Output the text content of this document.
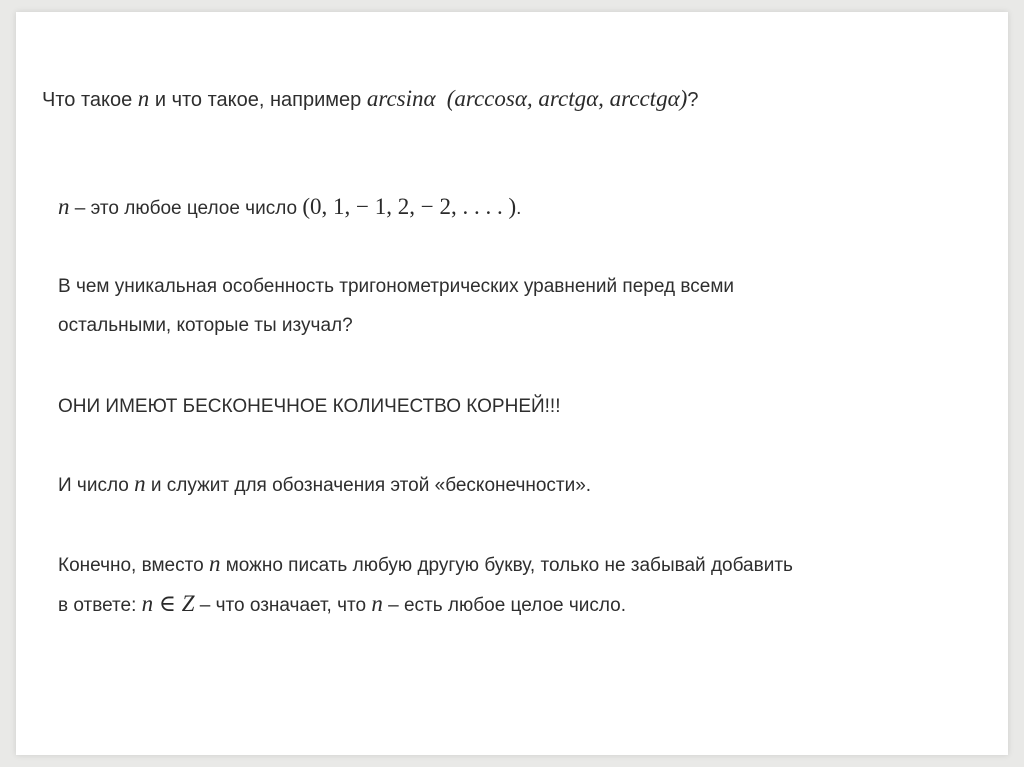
Что такое n и что такое, например arcsinα (arccosα, arctgα, arcctgα)?
n – это любое целое число (0, 1, − 1, 2, − 2, . . . . ).
В чем уникальная особенность тригонометрических уравнений перед всеми
остальными, которые ты изучал?
ОНИ ИМЕЮТ БЕСКОНЕЧНОЕ КОЛИЧЕСТВО КОРНЕЙ!!!
И число n и служит для обозначения этой «бесконечности».
Конечно, вместо n можно писать любую другую букву, только не забывай добавить
в ответе: n ∈ Z – что означает, что n – есть любое целое число.
